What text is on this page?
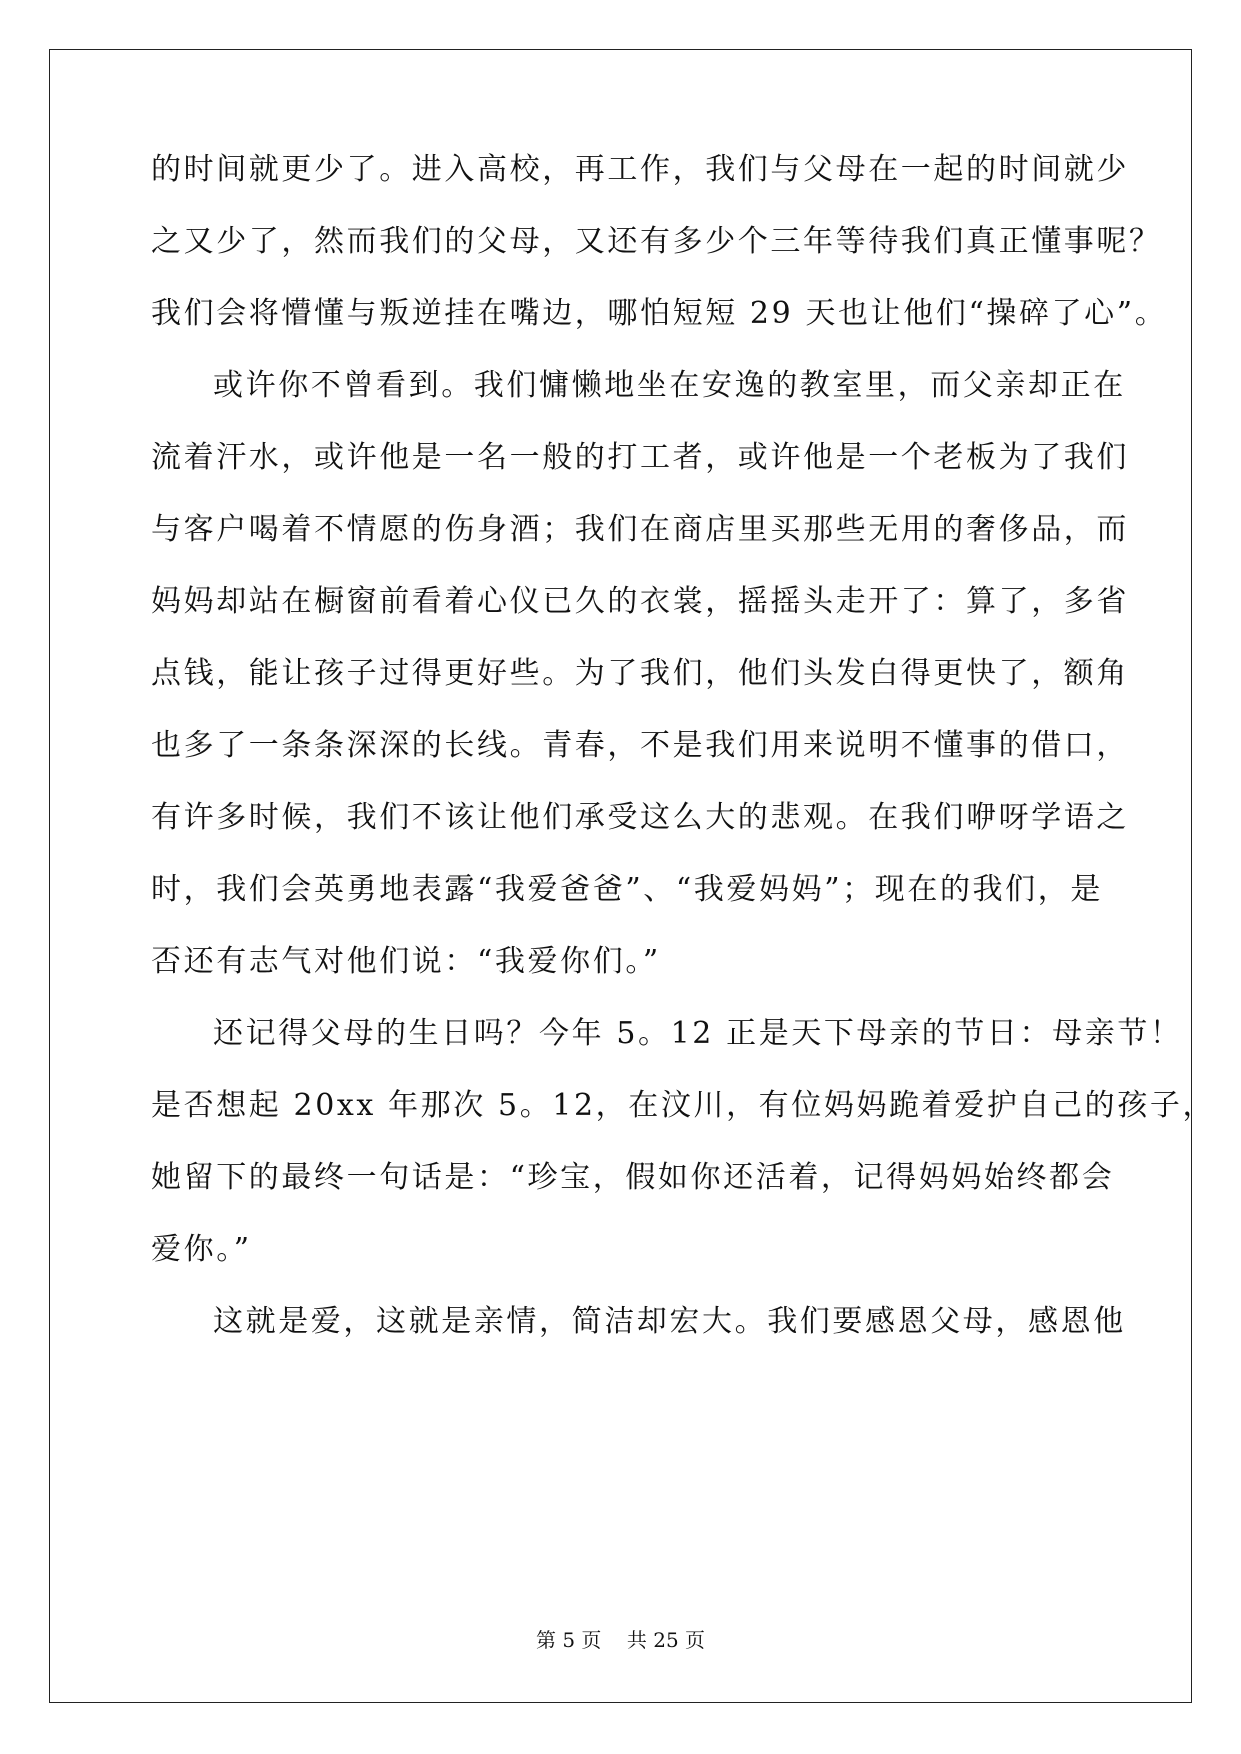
的时间就更少了。进入高校，再工作，我们与父母在一起的时间就少
之又少了，然而我们的父母，又还有多少个三年等待我们真正懂事呢？
我们会将懵懂与叛逆挂在嘴边，哪怕短短 29 天也让他们“操碎了心”。
或许你不曾看到。我们慵懒地坐在安逸的教室里，而父亲却正在
流着汗水，或许他是一名一般的打工者，或许他是一个老板为了我们
与客户喝着不情愿的伤身酒；我们在商店里买那些无用的奢侈品，而
妈妈却站在橱窗前看着心仪已久的衣裳，摇摇头走开了：算了，多省
点钱，能让孩子过得更好些。为了我们，他们头发白得更快了，额角
也多了一条条深深的长线。青春，不是我们用来说明不懂事的借口，
有许多时候，我们不该让他们承受这么大的悲观。在我们咿呀学语之
时，我们会英勇地表露“我爱爸爸”、“我爱妈妈”；现在的我们，是
否还有志气对他们说：“我爱你们。”
还记得父母的生日吗？今年 5。12 正是天下母亲的节日：母亲节！
是否想起 20xx 年那次 5。12，在汶川，有位妈妈跪着爱护自己的孩子，
她留下的最终一句话是：“珍宝，假如你还活着，记得妈妈始终都会
爱你。”
这就是爱，这就是亲情，简洁却宏大。我们要感恩父母，感恩他
第 5 页 共 25 页
